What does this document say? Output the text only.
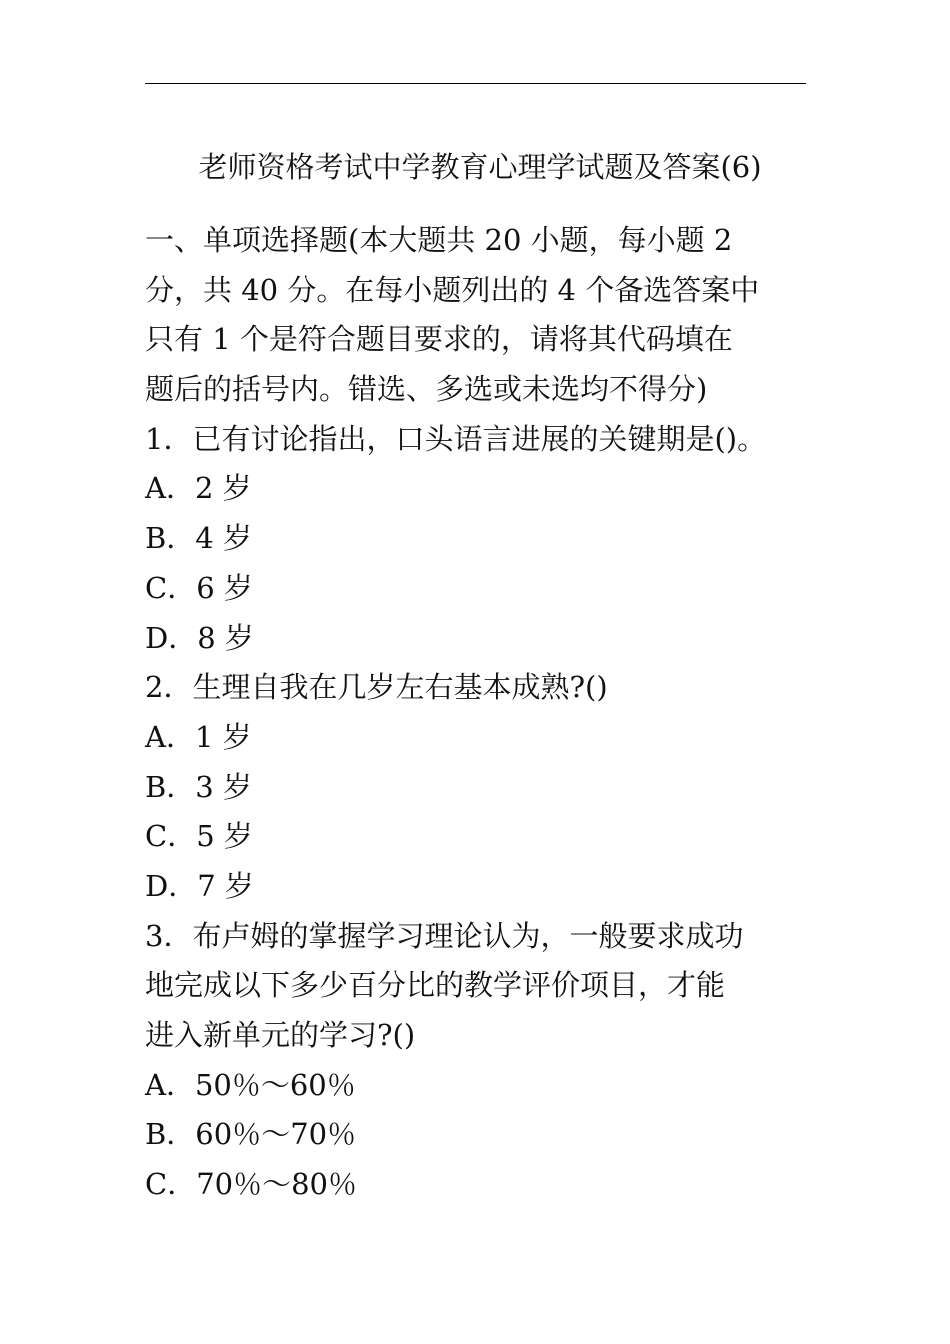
老师资格考试中学教育心理学试题及答案(6)
一、单项选择题(本大题共 20 小题，每小题 2
分，共 40 分。在每小题列出的 4 个备选答案中
只有 1 个是符合题目要求的，请将其代码填在
题后的括号内。错选、多选或未选均不得分)
1．已有讨论指出，口头语言进展的关键期是()。
A．2 岁
B．4 岁
C．6 岁
D．8 岁
2．生理自我在几岁左右基本成熟?()
A．1 岁
B．3 岁
C．5 岁
D．7 岁
3．布卢姆的掌握学习理论认为，一般要求成功
地完成以下多少百分比的教学评价项目，才能
进入新单元的学习?()
A．50％～60％
B．60％～70％
C．70％～80％
